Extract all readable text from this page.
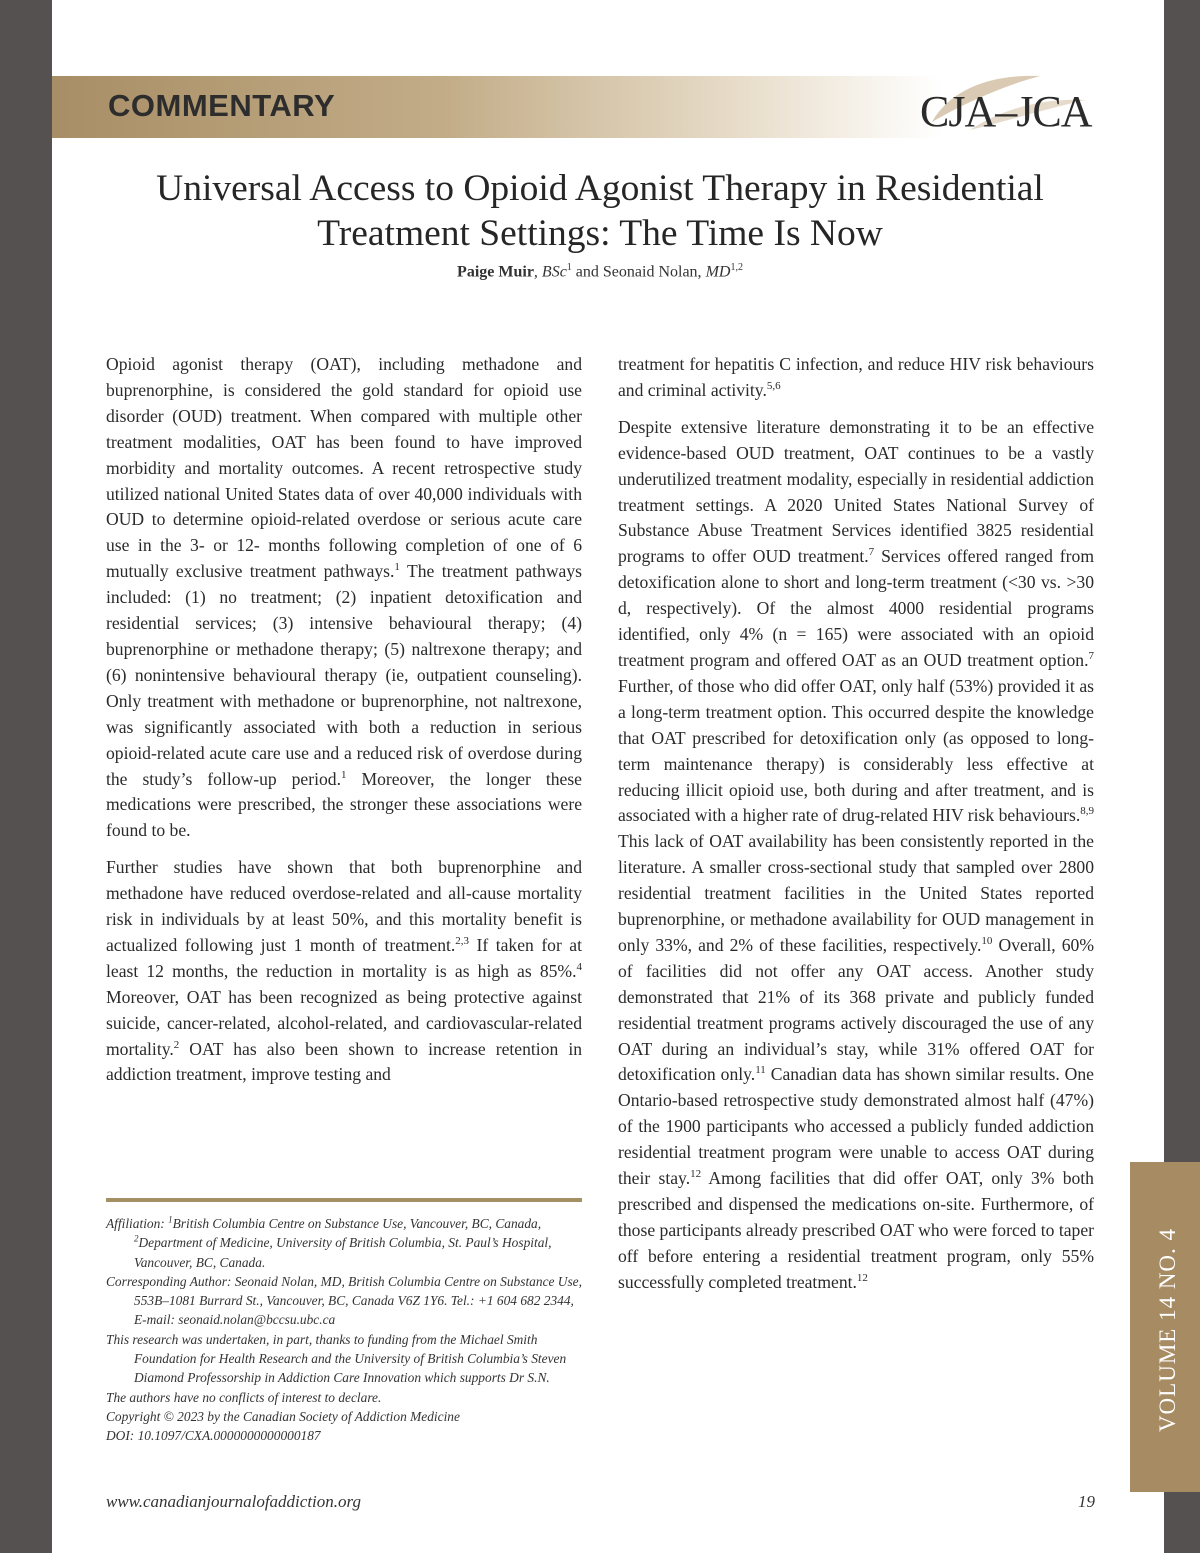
COMMENTARY	CJA–JCA
Universal Access to Opioid Agonist Therapy in Residential
Treatment Settings: The Time Is Now
Paige Muir, BSc$^1$ and Seonaid Nolan, MD$^{1,2}$

Opioid agonist therapy (OAT), including methadone and buprenorphine, is considered the gold standard for opioid use disorder (OUD) treatment. When compared with multiple other treatment modalities, OAT has been found to have improved morbidity and mortality outcomes. A recent retrospective study utilized national United States data of over 40,000 individuals with OUD to determine opioid-related overdose or serious acute care use in the 3- or 12- months following completion of one of 6 mutually exclusive treatment pathways.$^1$ The treatment pathways included: (1) no treatment; (2) inpatient detoxification and residential services; (3) intensive behavioural therapy; (4) buprenorphine or methadone therapy; (5) naltrexone therapy; and (6) nonintensive behavioural therapy (ie, outpatient counseling). Only treatment with methadone or buprenorphine, not naltrexone, was significantly associated with both a reduction in serious opioid-related acute care use and a reduced risk of overdose during the study’s follow-up period.$^1$ Moreover, the longer these medications were prescribed, the stronger these associations were found to be.

Further studies have shown that both buprenorphine and methadone have reduced overdose-related and all-cause mortality risk in individuals by at least 50%, and this mortality benefit is actualized following just 1 month of treatment.$^{2,3}$ If taken for at least 12 months, the reduction in mortality is as high as 85%.$^4$ Moreover, OAT has been recognized as being protective against suicide, cancer-related, alcohol-related, and cardiovascular-related mortality.$^2$ OAT has also been shown to increase retention in addiction treatment, improve testing and

Affiliation: $^1$British Columbia Centre on Substance Use, Vancouver, BC, Canada, $^2$Department of Medicine, University of British Columbia, St. Paul’s Hospital, Vancouver, BC, Canada.
Corresponding Author: Seonaid Nolan, MD, British Columbia Centre on Substance Use, 553B–1081 Burrard St., Vancouver, BC, Canada V6Z 1Y6. Tel.: +1 604 682 2344, E-mail: seonaid.nolan@bccsu.ubc.ca
This research was undertaken, in part, thanks to funding from the Michael Smith Foundation for Health Research and the University of British Columbia’s Steven Diamond Professorship in Addiction Care Innovation which supports Dr S.N.
The authors have no conflicts of interest to declare.
Copyright © 2023 by the Canadian Society of Addiction Medicine
DOI: 10.1097/CXA.0000000000000187

treatment for hepatitis C infection, and reduce HIV risk behaviours and criminal activity.$^{5,6}$

Despite extensive literature demonstrating it to be an effective evidence-based OUD treatment, OAT continues to be a vastly underutilized treatment modality, especially in residential addiction treatment settings. A 2020 United States National Survey of Substance Abuse Treatment Services identified 3825 residential programs to offer OUD treatment.$^7$ Services offered ranged from detoxification alone to short and long-term treatment (<30 vs. >30 d, respectively). Of the almost 4000 residential programs identified, only 4% (n = 165) were associated with an opioid treatment program and offered OAT as an OUD treatment option.$^7$ Further, of those who did offer OAT, only half (53%) provided it as a long-term treatment option. This occurred despite the knowledge that OAT prescribed for detoxification only (as opposed to long-term maintenance therapy) is considerably less effective at reducing illicit opioid use, both during and after treatment, and is associated with a higher rate of drug-related HIV risk behaviours.$^{8,9}$ This lack of OAT availability has been consistently reported in the literature. A smaller cross-sectional study that sampled over 2800 residential treatment facilities in the United States reported buprenorphine, or methadone availability for OUD management in only 33%, and 2% of these facilities, respectively.$^{10}$ Overall, 60% of facilities did not offer any OAT access. Another study demonstrated that 21% of its 368 private and publicly funded residential treatment programs actively discouraged the use of any OAT during an individual’s stay, while 31% offered OAT for detoxification only.$^{11}$ Canadian data has shown similar results. One Ontario-based retrospective study demonstrated almost half (47%) of the 1900 participants who accessed a publicly funded addiction residential treatment program were unable to access OAT during their stay.$^{12}$ Among facilities that did offer OAT, only 3% both prescribed and dispensed the medications on-site. Furthermore, of those participants already prescribed OAT who were forced to taper off before entering a residential treatment program, only 55% successfully completed treatment.$^{12}$

www.canadianjournalofaddiction.org	19
VOLUME 14 NO. 4
